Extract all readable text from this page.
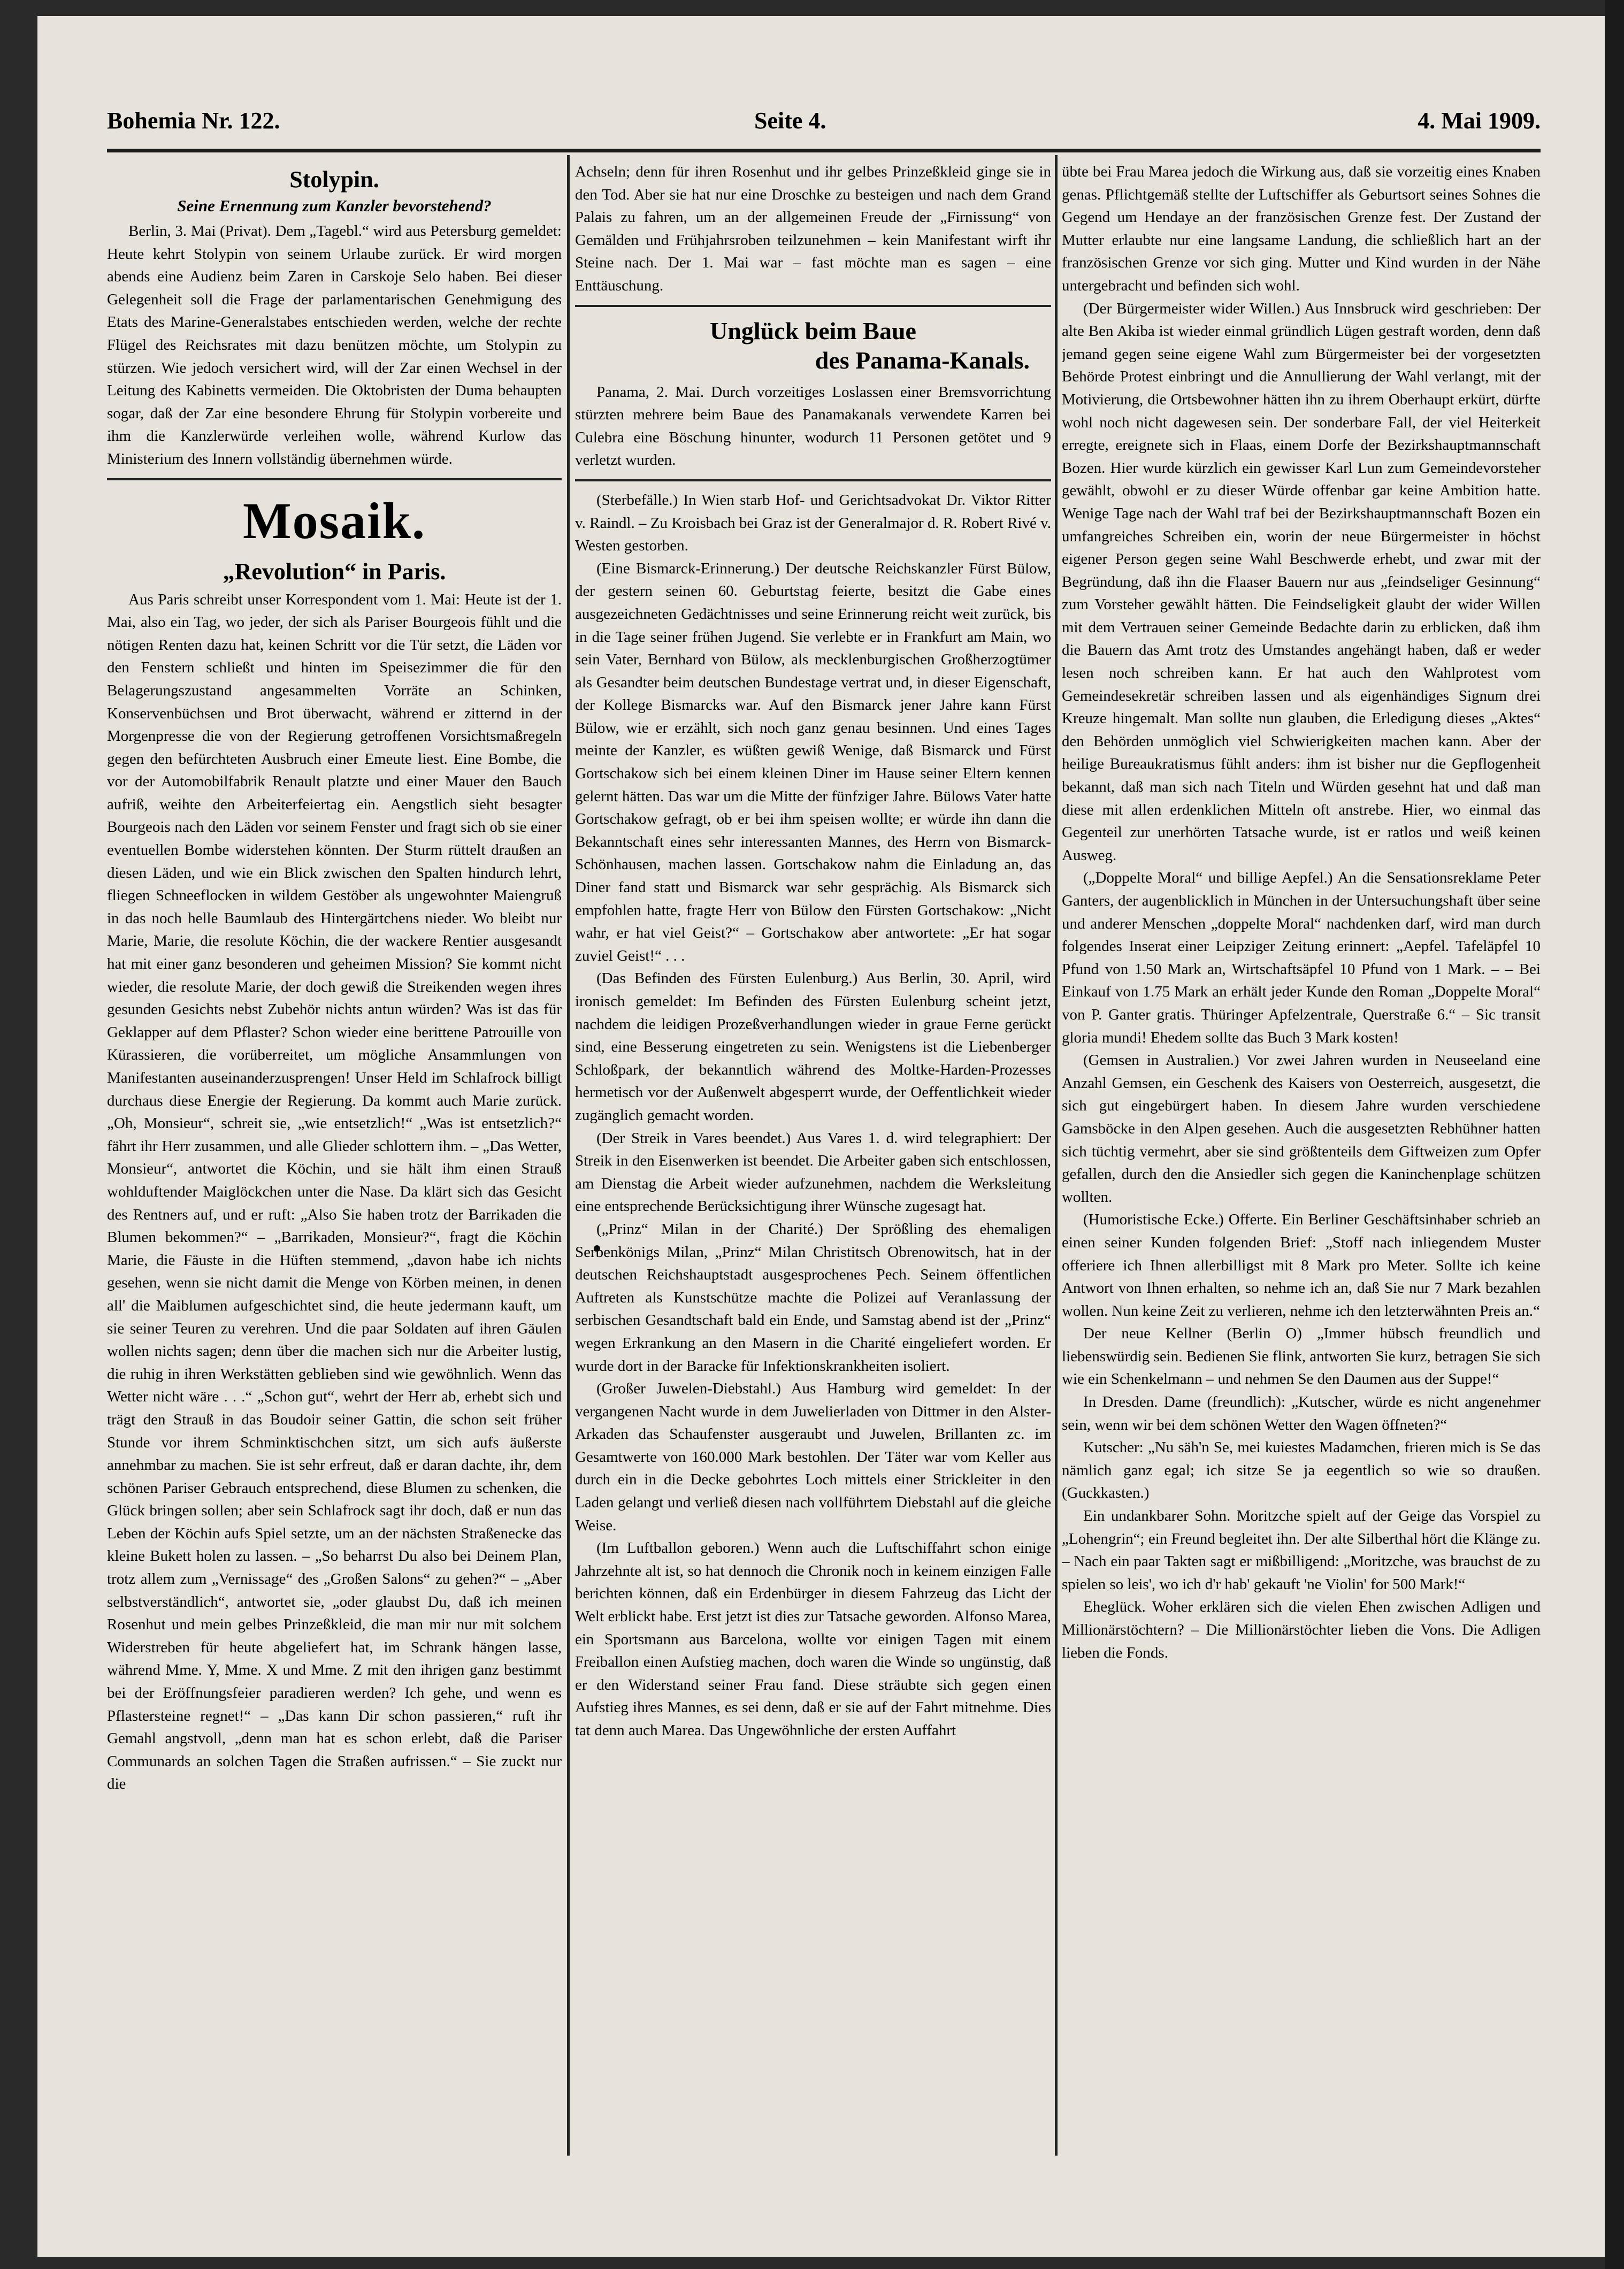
Bohemia Nr. 122.	Seite 4.	4. Mai 1909.
Stolypin.
Seine Ernennung zum Kanzler bevorstehend?

Berlin, 3. Mai (Privat). Dem „Tagebl.“ wird aus Petersburg gemeldet: Heute kehrt Stolypin von seinem Urlaube zurück. Er wird morgen abends eine Audienz beim Zaren in Carskoje Selo haben. Bei dieser Gelegenheit soll die Frage der parlamentarischen Genehmigung des Etats des Marine-Generalstabes entschieden werden, welche der rechte Flügel des Reichsrates mit dazu benützen möchte, um Stolypin zu stürzen. Wie jedoch versichert wird, will der Zar einen Wechsel in der Leitung des Kabinetts vermeiden. Die Oktobristen der Duma behaupten sogar, daß der Zar eine besondere Ehrung für Stolypin vorbereite und ihm die Kanzlerwürde verleihen wolle, während Kurlow das Ministerium des Innern vollständig übernehmen würde.

Mosaik.
„Revolution“ in Paris.

Aus Paris schreibt unser Korrespondent vom 1. Mai: Heute ist der 1. Mai, also ein Tag, wo jeder, der sich als Pariser Bourgeois fühlt und die nötigen Renten dazu hat, keinen Schritt vor die Tür setzt, die Läden vor den Fenstern schließt und hinten im Speisezimmer die für den Belagerungszustand angesammelten Vorräte an Schinken, Konservenbüchsen und Brot überwacht, während er zitternd in der Morgenpresse die von der Regierung getroffenen Vorsichtsmaßregeln gegen den befürchteten Ausbruch einer Emeute liest. Eine Bombe, die vor der Automobilfabrik Renault platzte und einer Mauer den Bauch aufriß, weihte den Arbeiterfeiertag ein. Aengstlich sieht besagter Bourgeois nach den Läden vor seinem Fenster und fragt sich ob sie einer eventuellen Bombe widerstehen könnten. Der Sturm rüttelt draußen an diesen Läden, und wie ein Blick zwischen den Spalten hindurch lehrt, fliegen Schneeflocken in wildem Gestöber als ungewohnter Maiengruß in das noch helle Baumlaub des Hintergärtchens nieder. Wo bleibt nur Marie, Marie, die resolute Köchin, die der wackere Rentier ausgesandt hat mit einer ganz besonderen und geheimen Mission? Sie kommt nicht wieder, die resolute Marie, der doch gewiß die Streikenden wegen ihres gesunden Gesichts nebst Zubehör nichts antun würden? Was ist das für Geklapper auf dem Pflaster? Schon wieder eine berittene Patrouille von Kürassieren, die vorüberreitet, um mögliche Ansammlungen von Manifestanten auseinanderzusprengen! Unser Held im Schlafrock billigt durchaus diese Energie der Regierung. Da kommt auch Marie zurück. „Oh, Monsieur“, schreit sie, „wie entsetzlich!“ „Was ist entsetzlich?“ fährt ihr Herr zusammen, und alle Glieder schlottern ihm. – „Das Wetter, Monsieur“, antwortet die Köchin, und sie hält ihm einen Strauß wohlduftender Maiglöckchen unter die Nase. Da klärt sich das Gesicht des Rentners auf, und er ruft: „Also Sie haben trotz der Barrikaden die Blumen bekommen?“ – „Barrikaden, Monsieur?“, fragt die Köchin Marie, die Fäuste in die Hüften stemmend, „davon habe ich nichts gesehen, wenn sie nicht damit die Menge von Körben meinen, in denen all' die Maiblumen aufgeschichtet sind, die heute jedermann kauft, um sie seiner Teuren zu verehren. Und die paar Soldaten auf ihren Gäulen wollen nichts sagen; denn über die machen sich nur die Arbeiter lustig, die ruhig in ihren Werkstätten geblieben sind wie gewöhnlich. Wenn das Wetter nicht wäre . . .“ „Schon gut“, wehrt der Herr ab, erhebt sich und trägt den Strauß in das Boudoir seiner Gattin, die schon seit früher Stunde vor ihrem Schminktischchen sitzt, um sich aufs äußerste annehmbar zu machen. Sie ist sehr erfreut, daß er daran dachte, ihr, dem schönen Pariser Gebrauch entsprechend, diese Blumen zu schenken, die Glück bringen sollen; aber sein Schlafrock sagt ihr doch, daß er nun das Leben der Köchin aufs Spiel setzte, um an der nächsten Straßenecke das kleine Bukett holen zu lassen. – „So beharrst Du also bei Deinem Plan, trotz allem zum „Vernissage“ des „Großen Salons“ zu gehen?“ – „Aber selbstverständlich“, antwortet sie, „oder glaubst Du, daß ich meinen Rosenhut und mein gelbes Prinzeßkleid, die man mir nur mit solchem Widerstreben für heute abgeliefert hat, im Schrank hängen lasse, während Mme. Y, Mme. X und Mme. Z mit den ihrigen ganz bestimmt bei der Eröffnungsfeier paradieren werden? Ich gehe, und wenn es Pflastersteine regnet!“ – „Das kann Dir schon passieren,“ ruft ihr Gemahl angstvoll, „denn man hat es schon erlebt, daß die Pariser Communards an solchen Tagen die Straßen aufrissen.“ – Sie zuckt nur die

Achseln; denn für ihren Rosenhut und ihr gelbes Prinzeßkleid ginge sie in den Tod. Aber sie hat nur eine Droschke zu besteigen und nach dem Grand Palais zu fahren, um an der allgemeinen Freude der „Firnissung“ von Gemälden und Frühjahrsroben teilzunehmen – kein Manifestant wirft ihr Steine nach. Der 1. Mai war – fast möchte man es sagen – eine Enttäuschung.

Unglück beim Baue
des Panama-Kanals.

Panama, 2. Mai. Durch vorzeitiges Loslassen einer Bremsvorrichtung stürzten mehrere beim Baue des Panamakanals verwendete Karren bei Culebra eine Böschung hinunter, wodurch 11 Personen getötet und 9 verletzt wurden.

(Sterbefälle.) In Wien starb Hof- und Gerichtsadvokat Dr. Viktor Ritter v. Raindl. – Zu Kroisbach bei Graz ist der Generalmajor d. R. Robert Rivé v. Westen gestorben.

(Eine Bismarck-Erinnerung.) Der deutsche Reichskanzler Fürst Bülow, der gestern seinen 60. Geburtstag feierte, besitzt die Gabe eines ausgezeichneten Gedächtnisses und seine Erinnerung reicht weit zurück, bis in die Tage seiner frühen Jugend. Sie verlebte er in Frankfurt am Main, wo sein Vater, Bernhard von Bülow, als mecklenburgischen Großherzogtümer als Gesandter beim deutschen Bundestage vertrat und, in dieser Eigenschaft, der Kollege Bismarcks war. Auf den Bismarck jener Jahre kann Fürst Bülow, wie er erzählt, sich noch ganz genau besinnen. Und eines Tages meinte der Kanzler, es wüßten gewiß Wenige, daß Bismarck und Fürst Gortschakow sich bei einem kleinen Diner im Hause seiner Eltern kennen gelernt hätten. Das war um die Mitte der fünfziger Jahre. Bülows Vater hatte Gortschakow gefragt, ob er bei ihm speisen wollte; er würde ihn dann die Bekanntschaft eines sehr interessanten Mannes, des Herrn von Bismarck-Schönhausen, machen lassen. Gortschakow nahm die Einladung an, das Diner fand statt und Bismarck war sehr gesprächig. Als Bismarck sich empfohlen hatte, fragte Herr von Bülow den Fürsten Gortschakow: „Nicht wahr, er hat viel Geist?“ – Gortschakow aber antwortete: „Er hat sogar zuviel Geist!“ . . .

(Das Befinden des Fürsten Eulenburg.) Aus Berlin, 30. April, wird ironisch gemeldet: Im Befinden des Fürsten Eulenburg scheint jetzt, nachdem die leidigen Prozeßverhandlungen wieder in graue Ferne gerückt sind, eine Besserung eingetreten zu sein. Wenigstens ist die Liebenberger Schloßpark, der bekanntlich während des Moltke-Harden-Prozesses hermetisch vor der Außenwelt abgesperrt wurde, der Oeffentlichkeit wieder zugänglich gemacht worden.

(Der Streik in Vares beendet.) Aus Vares 1. d. wird telegraphiert: Der Streik in den Eisenwerken ist beendet. Die Arbeiter gaben sich entschlossen, am Dienstag die Arbeit wieder aufzunehmen, nachdem die Werksleitung eine entsprechende Berücksichtigung ihrer Wünsche zugesagt hat.

(„Prinz“ Milan in der Charité.) Der Sprößling des ehemaligen Serbenkönigs Milan, „Prinz“ Milan Christitsch Obrenowitsch, hat in der deutschen Reichshauptstadt ausgesprochenes Pech. Seinem öffentlichen Auftreten als Kunstschütze machte die Polizei auf Veranlassung der serbischen Gesandtschaft bald ein Ende, und Samstag abend ist der „Prinz“ wegen Erkrankung an den Masern in die Charité eingeliefert worden. Er wurde dort in der Baracke für Infektionskrankheiten isoliert.

(Großer Juwelen-Diebstahl.) Aus Hamburg wird gemeldet: In der vergangenen Nacht wurde in dem Juwelierladen von Dittmer in den Alster-Arkaden das Schaufenster ausgeraubt und Juwelen, Brillanten zc. im Gesamtwerte von 160.000 Mark bestohlen. Der Täter war vom Keller aus durch ein in die Decke gebohrtes Loch mittels einer Strickleiter in den Laden gelangt und verließ diesen nach vollführtem Diebstahl auf die gleiche Weise.

(Im Luftballon geboren.) Wenn auch die Luftschiffahrt schon einige Jahrzehnte alt ist, so hat dennoch die Chronik noch in keinem einzigen Falle berichten können, daß ein Erdenbürger in diesem Fahrzeug das Licht der Welt erblickt habe. Erst jetzt ist dies zur Tatsache geworden. Alfonso Marea, ein Sportsmann aus Barcelona, wollte vor einigen Tagen mit einem Freiballon einen Aufstieg machen, doch waren die Winde so ungünstig, daß er den Widerstand seiner Frau fand. Diese sträubte sich gegen einen Aufstieg ihres Mannes, es sei denn, daß er sie auf der Fahrt mitnehme. Dies tat denn auch Marea. Das Ungewöhnliche der ersten Auffahrt

übte bei Frau Marea jedoch die Wirkung aus, daß sie vorzeitig eines Knaben genas. Pflichtgemäß stellte der Luftschiffer als Geburtsort seines Sohnes die Gegend um Hendaye an der französischen Grenze fest. Der Zustand der Mutter erlaubte nur eine langsame Landung, die schließlich hart an der französischen Grenze vor sich ging. Mutter und Kind wurden in der Nähe untergebracht und befinden sich wohl.

(Der Bürgermeister wider Willen.) Aus Innsbruck wird geschrieben: Der alte Ben Akiba ist wieder einmal gründlich Lügen gestraft worden, denn daß jemand gegen seine eigene Wahl zum Bürgermeister bei der vorgesetzten Behörde Protest einbringt und die Annullierung der Wahl verlangt, mit der Motivierung, die Ortsbewohner hätten ihn zu ihrem Oberhaupt erkürt, dürfte wohl noch nicht dagewesen sein. Der sonderbare Fall, der viel Heiterkeit erregte, ereignete sich in Flaas, einem Dorfe der Bezirkshauptmannschaft Bozen. Hier wurde kürzlich ein gewisser Karl Lun zum Gemeindevorsteher gewählt, obwohl er zu dieser Würde offenbar gar keine Ambition hatte. Wenige Tage nach der Wahl traf bei der Bezirkshauptmannschaft Bozen ein umfangreiches Schreiben ein, worin der neue Bürgermeister in höchst eigener Person gegen seine Wahl Beschwerde erhebt, und zwar mit der Begründung, daß ihn die Flaaser Bauern nur aus „feindseliger Gesinnung“ zum Vorsteher gewählt hätten. Die Feindseligkeit glaubt der wider Willen mit dem Vertrauen seiner Gemeinde Bedachte darin zu erblicken, daß ihm die Bauern das Amt trotz des Umstandes angehängt haben, daß er weder lesen noch schreiben kann. Er hat auch den Wahlprotest vom Gemeindesekretär schreiben lassen und als eigenhändiges Signum drei Kreuze hingemalt. Man sollte nun glauben, die Erledigung dieses „Aktes“ den Behörden unmöglich viel Schwierigkeiten machen kann. Aber der heilige Bureaukratismus fühlt anders: ihm ist bisher nur die Gepflogenheit bekannt, daß man sich nach Titeln und Würden gesehnt hat und daß man diese mit allen erdenklichen Mitteln oft anstrebe. Hier, wo einmal das Gegenteil zur unerhörten Tatsache wurde, ist er ratlos und weiß keinen Ausweg.

(„Doppelte Moral“ und billige Aepfel.) An die Sensationsreklame Peter Ganters, der augenblicklich in München in der Untersuchungshaft über seine und anderer Menschen „doppelte Moral“ nachdenken darf, wird man durch folgendes Inserat einer Leipziger Zeitung erinnert: „Aepfel. Tafeläpfel 10 Pfund von 1.50 Mark an, Wirtschaftsäpfel 10 Pfund von 1 Mark. – – Bei Einkauf von 1.75 Mark an erhält jeder Kunde den Roman „Doppelte Moral“ von P. Ganter gratis. Thüringer Apfelzentrale, Querstraße 6.“ – Sic transit gloria mundi! Ehedem sollte das Buch 3 Mark kosten!

(Gemsen in Australien.) Vor zwei Jahren wurden in Neuseeland eine Anzahl Gemsen, ein Geschenk des Kaisers von Oesterreich, ausgesetzt, die sich gut eingebürgert haben. In diesem Jahre wurden verschiedene Gamsböcke in den Alpen gesehen. Auch die ausgesetzten Rebhühner hatten sich tüchtig vermehrt, aber sie sind größtenteils dem Giftweizen zum Opfer gefallen, durch den die Ansiedler sich gegen die Kaninchenplage schützen wollten.

(Humoristische Ecke.) Offerte. Ein Berliner Geschäftsinhaber schrieb an einen seiner Kunden folgenden Brief: „Stoff nach inliegendem Muster offeriere ich Ihnen allerbilligst mit 8 Mark pro Meter. Sollte ich keine Antwort von Ihnen erhalten, so nehme ich an, daß Sie nur 7 Mark bezahlen wollen. Nun keine Zeit zu verlieren, nehme ich den letzterwähnten Preis an.“

Der neue Kellner (Berlin O) „Immer hübsch freundlich und liebenswürdig sein. Bedienen Sie flink, antworten Sie kurz, betragen Sie sich wie ein Schenkelmann – und nehmen Se den Daumen aus der Suppe!“

In Dresden. Dame (freundlich): „Kutscher, würde es nicht angenehmer sein, wenn wir bei dem schönen Wetter den Wagen öffneten?“

Kutscher: „Nu säh'n Se, mei kuiestes Madamchen, frieren mich is Se das nämlich ganz egal; ich sitze Se ja eegentlich so wie so draußen. (Guckkasten.)

Ein undankbarer Sohn. Moritzche spielt auf der Geige das Vorspiel zu „Lohengrin“; ein Freund begleitet ihn. Der alte Silberthal hört die Klänge zu. – Nach ein paar Takten sagt er mißbilligend: „Moritzche, was brauchst de zu spielen so leis', wo ich d'r hab' gekauft 'ne Violin' for 500 Mark!“

Eheglück. Woher erklären sich die vielen Ehen zwischen Adligen und Millionärstöchtern? – Die Millionärstöchter lieben die Vons. Die Adligen lieben die Fonds.
